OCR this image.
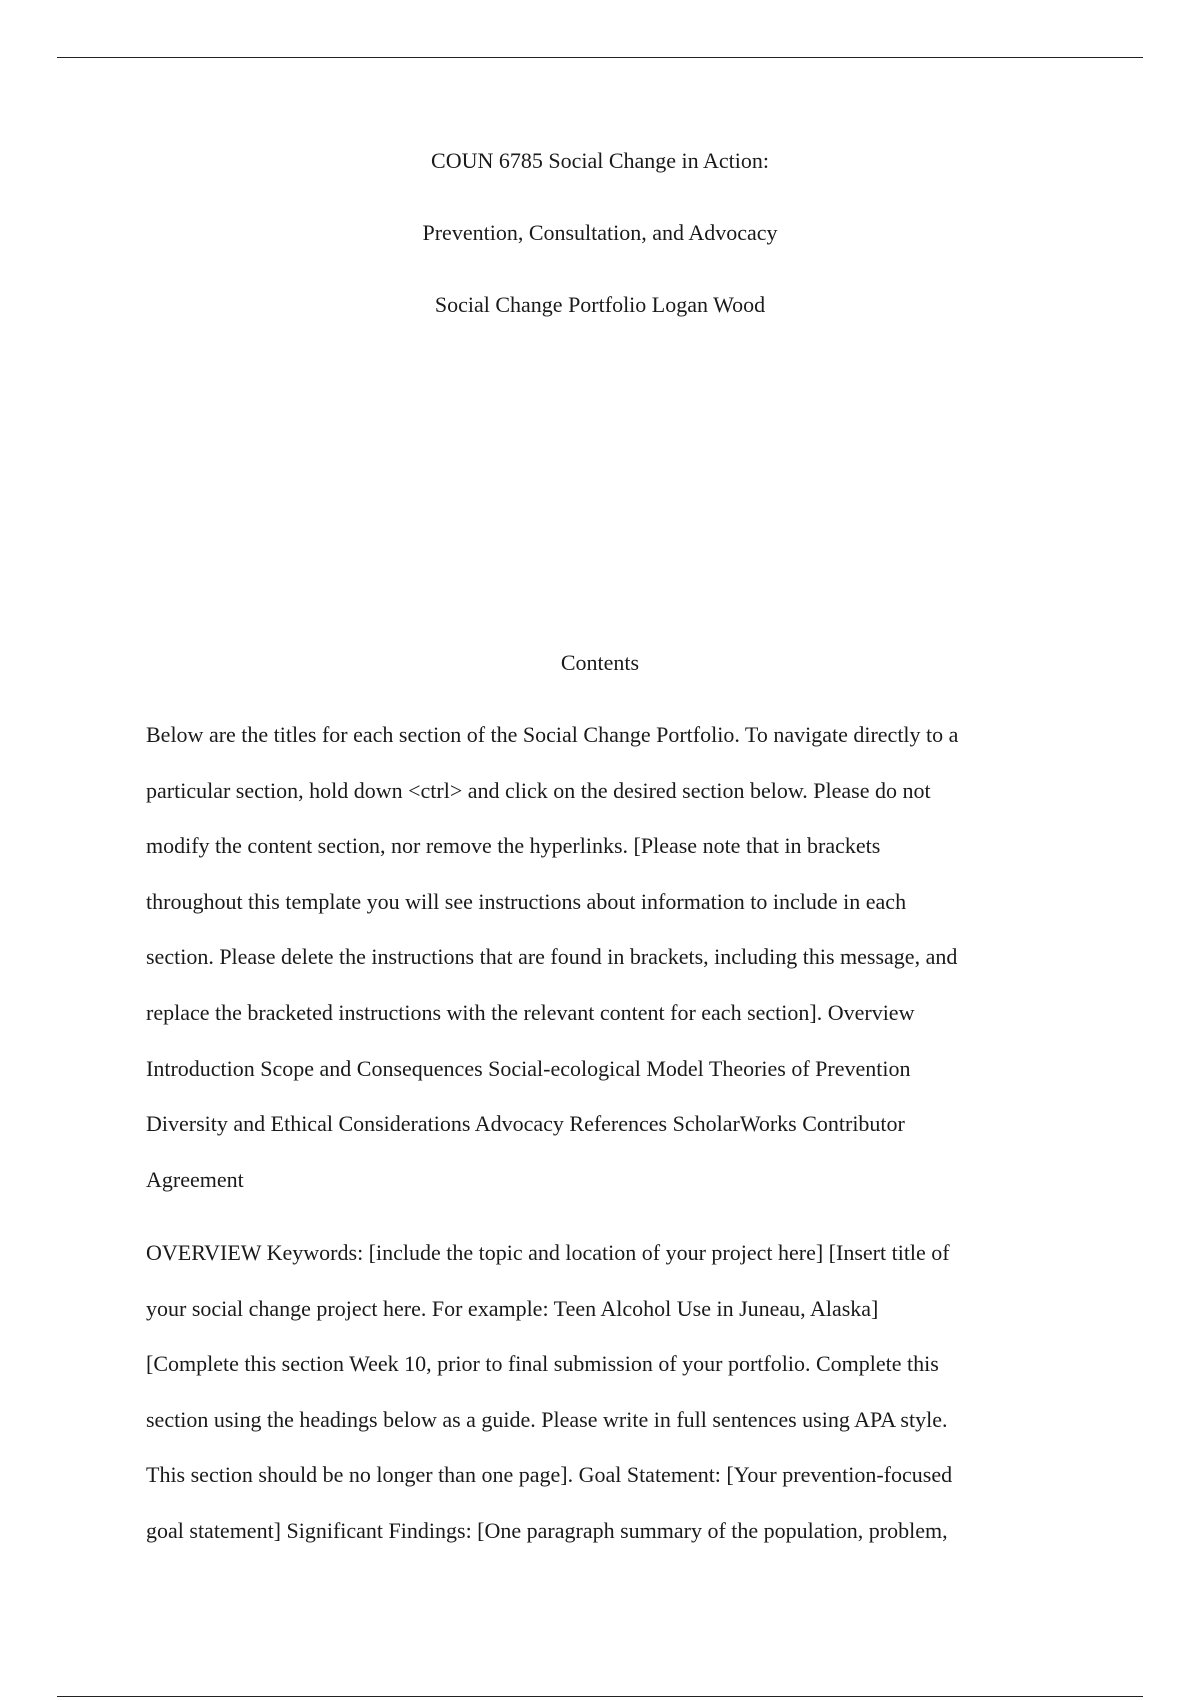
COUN 6785 Social Change in Action:
Prevention, Consultation, and Advocacy
Social Change Portfolio Logan Wood
Contents
Below are the titles for each section of the Social Change Portfolio. To navigate directly to a
particular section, hold down <ctrl> and click on the desired section below. Please do not
modify the content section, nor remove the hyperlinks. [Please note that in brackets
throughout this template you will see instructions about information to include in each
section. Please delete the instructions that are found in brackets, including this message, and
replace the bracketed instructions with the relevant content for each section]. Overview
Introduction Scope and Consequences Social-ecological Model Theories of Prevention
Diversity and Ethical Considerations Advocacy References ScholarWorks Contributor
Agreement
OVERVIEW Keywords: [include the topic and location of your project here] [Insert title of
your social change project here. For example: Teen Alcohol Use in Juneau, Alaska]
[Complete this section Week 10, prior to final submission of your portfolio. Complete this
section using the headings below as a guide. Please write in full sentences using APA style.
This section should be no longer than one page]. Goal Statement: [Your prevention-focused
goal statement] Significant Findings: [One paragraph summary of the population, problem,
